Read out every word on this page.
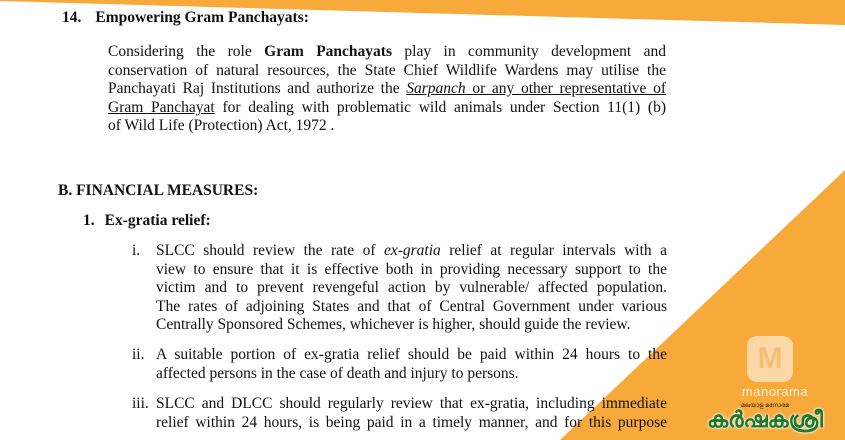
14. Empowering Gram Panchayats:
Considering the role Gram Panchayats play in community development and
conservation of natural resources, the State Chief Wildlife Wardens may utilise the
Panchayati Raj Institutions and authorize the Sarpanch or any other representative of
Gram Panchayat for dealing with problematic wild animals under Section 11(1) (b)
of Wild Life (Protection) Act, 1972 .
B. FINANCIAL MEASURES:
1. Ex-gratia relief:
i. SLCC should review the rate of ex-gratia relief at regular intervals with a
view to ensure that it is effective both in providing necessary support to the
victim and to prevent revengeful action by vulnerable/ affected population.
The rates of adjoining States and that of Central Government under various
Centrally Sponsored Schemes, whichever is higher, should guide the review.
ii. A suitable portion of ex-gratia relief should be paid within 24 hours to the
affected persons in the case of death and injury to persons.
iii. SLCC and DLCC should regularly review that ex-gratia, including immediate
relief within 24 hours, is being paid in a timely manner, and for this purpose
M
manorama
മലയാള മനോരമ
കർഷകശ്രീ
